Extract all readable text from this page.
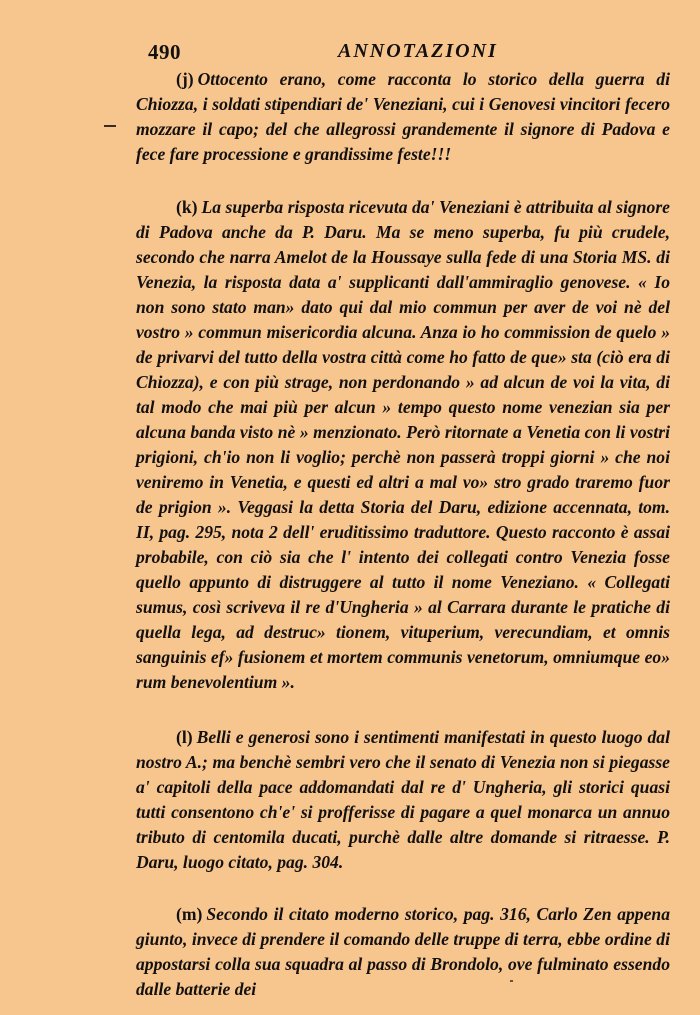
490	ANNOTAZIONI

(j) Ottocento erano, come racconta lo storico della guerra di Chiozza, i soldati stipendiari de' Veneziani, cui i Genovesi vincitori fecero mozzare il capo; del che allegrossi grandemente il signore di Padova e fece fare processione e grandissime feste!!!

(k) La superba risposta ricevuta da' Veneziani è attribuita al signore di Padova anche da P. Daru. Ma se meno superba, fu più crudele, secondo che narra Amelot de la Houssaye sulla fede di una Storia MS. di Venezia, la risposta data a' supplicanti dall'ammiraglio genovese. « Io non sono stato man» dato qui dal mio commun per aver de voi nè del vostro » commun misericordia alcuna. Anza io ho commission de quelo » de privarvi del tutto della vostra città come ho fatto de que» sta (ciò era di Chiozza), e con più strage, non perdonando » ad alcun de voi la vita, di tal modo che mai più per alcun » tempo questo nome venezian sia per alcuna banda visto nè » menzionato. Però ritornate a Venetia con li vostri prigioni, ch'io non li voglio; perchè non passerà troppi giorni » che noi veniremo in Venetia, e questi ed altri a mal vo» stro grado traremo fuor de prigion ». Veggasi la detta Storia del Daru, edizione accennata, tom. II, pag. 295, nota 2 dell' eruditissimo traduttore. Questo racconto è assai probabile, con ciò sia che l' intento dei collegati contro Venezia fosse quello appunto di distruggere al tutto il nome Veneziano. « Collegati sumus, così scriveva il re d'Ungheria » al Carrara durante le pratiche di quella lega, ad destruc» tionem, vituperium, verecundiam, et omnis sanguinis ef» fusionem et mortem communis venetorum, omniumque eo» rum benevolentium ».

(l) Belli e generosi sono i sentimenti manifestati in questo luogo dal nostro A.; ma benchè sembri vero che il senato di Venezia non si piegasse a' capitoli della pace addomandati dal re d' Ungheria, gli storici quasi tutti consentono ch'e' si profferisse di pagare a quel monarca un annuo tributo di centomila ducati, purchè dalle altre domande si ritraesse. P. Daru, luogo citato, pag. 304.

(m) Secondo il citato moderno storico, pag. 316, Carlo Zen appena giunto, invece di prendere il comando delle truppe di terra, ebbe ordine di appostarsi colla sua squadra al passo di Brondolo, ove fulminato essendo dalle batterie dei
